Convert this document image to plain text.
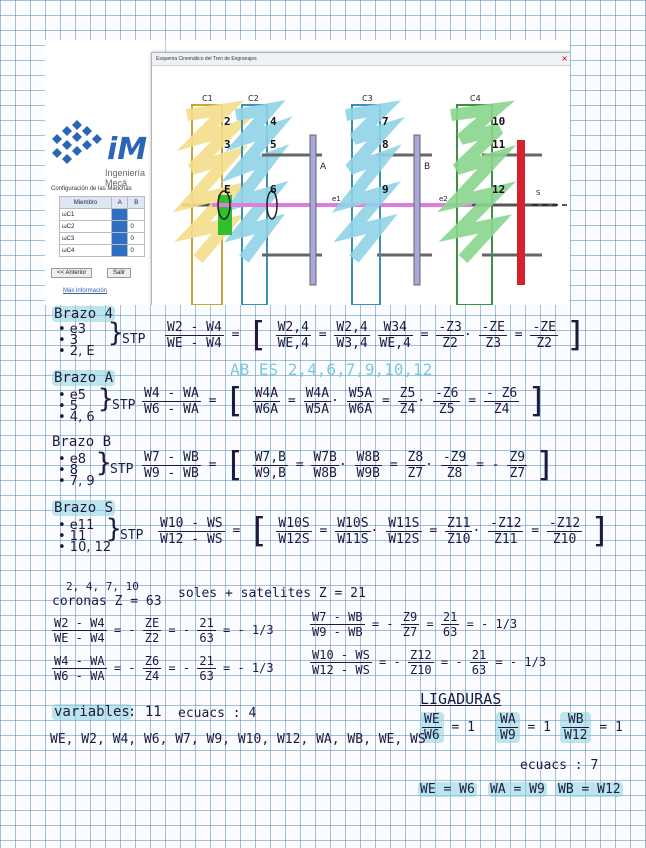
iM
Ingeniería Mecá
Configuración de las Manchas
Miembro	A	B
ωC1		
ωC2		0
ωC3		0
ωC4		0
<< Anterior	Salir
Más información
Esquema Cinemático del Tren de Engranajes	×
C1	C2	C3	C4
2
3
4
5
E	6
7
8
9
10
11
12
A	B
e1	e2
S
Brazo 4
• e3
• 3
• 2, E
}
STP $\frac{W2 - W4}{WE - W4}$ = [ $\frac{W2,4}{WE,4} = \frac{W2,4}{W3,4}$
$\frac{W34}{WE,4} = \frac{-Z3}{Z2} \cdot \frac{-ZE}{Z3} = \frac{-ZE}{Z2}$ ]
AB ES 2,4,6,7,9,10,12
Brazo A
• e5
• 5
• 4, 6
}
STP $\frac{W4 - WA}{W6 - WA}$ = [ $\frac{W4A}{W6A} = \frac{W4A}{W5A} \cdot \frac{W5A}{W6A} = \frac{Z5}{Z4} \cdot \frac{-Z6}{Z5} = \frac{- Z6}{Z4}$ ]
Brazo B
• e8
• 8
• 7, 9
}
STP $\frac{W7 - WB}{W9 - WB}$ = [ $\frac{W7,B}{W9,B} = \frac{W7B}{W8B} \cdot \frac{W8B}{W9B} = \frac{Z8}{Z7} \cdot \frac{-Z9}{Z8}$ = - $\frac{Z9}{Z7}$ ]
Brazo S
• e11
• 11
• 10, 12
}
STP $\frac{W10 - WS}{W12 - WS}$ = [ $\frac{W10S}{W12S} = \frac{W10S}{W11S} \cdot \frac{W11S}{W12S} = \frac{Z11}{Z10} \cdot \frac{-Z12}{Z11} = \frac{-Z12}{Z10}$ ]
2, 4, 7, 10
coronas Z = 63
soles + satelites Z = 21
$\frac{W2 - W4}{WE - W4}$ = - $\frac{ZE}{Z2}$ = - $\frac{21}{63}$ = - 1/3
$\frac{W4 - WA}{W6 - WA}$ = - $\frac{Z6}{Z4}$ = - $\frac{21}{63}$ = - 1/3
$\frac{W7 - WB}{W9 - WB}$ = - $\frac{Z9}{Z7} = \frac{21}{63}$ = - 1/3
$\frac{W10 - WS}{W12 - WS}$ = - $\frac{Z12}{Z10}$ = - $\frac{21}{63}$ = - 1/3
LIGADURAS
$\frac{WE}{W6} = 1 \frac{WA}{W9} = 1 \frac{WB}{W12} = 1$
ecuacs : 7
WE = W6 WA = W9 WB = W12
variables
: 11 ecuacs : 4
WE, W2, W4, W6, W7, W9, W10, W12, WA, WB, WE, WS
